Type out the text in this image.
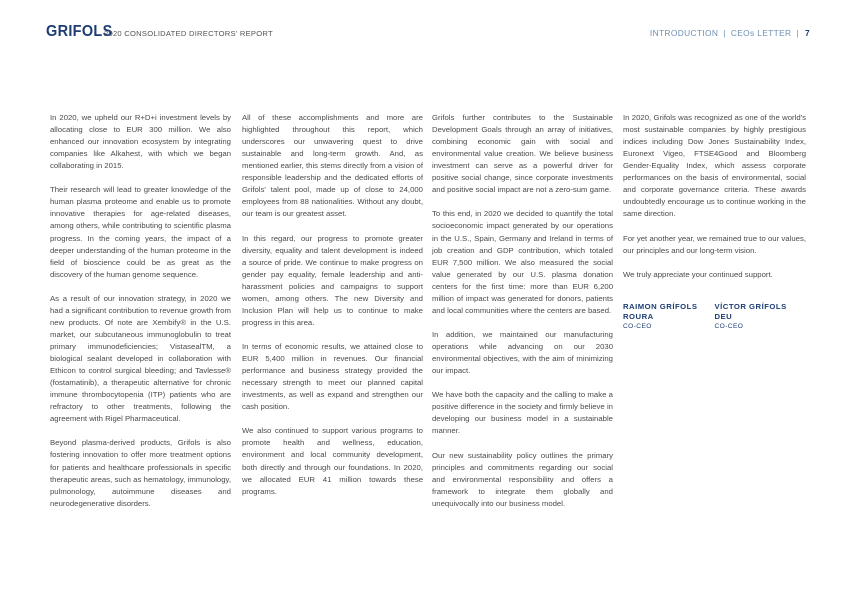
GRIFOLS
2020 CONSOLIDATED DIRECTORS' REPORT	INTRODUCTION | CEOs LETTER | 7

In 2020, we upheld our R+D+i investment levels by allocating close to EUR 300 million. We also enhanced our innovation ecosystem by integrating companies like Alkahest, with which we began collaborating in 2015.

Their research will lead to greater knowledge of the human plasma proteome and enable us to promote innovative therapies for age-related diseases, among others, while contributing to scientific plasma progress. In the coming years, the impact of a deeper understanding of the human proteome in the field of bioscience could be as great as the discovery of the human genome sequence.

As a result of our innovation strategy, in 2020 we had a significant contribution to revenue growth from new products. Of note are Xembify® in the U.S. market, our subcutaneous immunoglobulin to treat primary immunodeficiencies; VistasealTM, a biological sealant developed in collaboration with Ethicon to control surgical bleeding; and Tavlesse® (fostamatinib), a therapeutic alternative for chronic immune thrombocytopenia (ITP) patients who are refractory to other treatments, following the agreement with Rigel Pharmaceutical.

Beyond plasma-derived products, Grifols is also fostering innovation to offer more treatment options for patients and healthcare professionals in specific therapeutic areas, such as hematology, immunology, pulmonology, autoimmune diseases and neurodegenerative disorders.

All of these accomplishments and more are highlighted throughout this report, which underscores our unwavering quest to drive sustainable and long-term growth. And, as mentioned earlier, this stems directly from a vision of responsible leadership and the dedicated efforts of Grifols' talent pool, made up of close to 24,000 employees from 88 nationalities. Without any doubt, our team is our greatest asset.

In this regard, our progress to promote greater diversity, equality and talent development is indeed a source of pride. We continue to make progress on gender pay equality, female leadership and anti-harassment policies and campaigns to support women, among others. The new Diversity and Inclusion Plan will help us to continue to make progress in this area.

In terms of economic results, we attained close to EUR 5,400 million in revenues. Our financial performance and business strategy provided the necessary strength to meet our planned capital investments, as well as expand and strengthen our cash position.

We also continued to support various programs to promote health and wellness, education, environment and local community development, both directly and through our foundations. In 2020, we allocated EUR 41 million towards these programs.

Grifols further contributes to the Sustainable Development Goals through an array of initiatives, combining economic gain with social and environmental value creation. We believe business investment can serve as a powerful driver for positive social change, since corporate investments and positive social impact are not a zero-sum game.

To this end, in 2020 we decided to quantify the total socioeconomic impact generated by our operations in the U.S., Spain, Germany and Ireland in terms of job creation and GDP contribution, which totaled EUR 7,500 million. We also measured the social value generated by our U.S. plasma donation centers for the first time: more than EUR 6,200 million of impact was generated for donors, patients and local communities where the centers are based.

In addition, we maintained our manufacturing operations while advancing on our 2030 environmental objectives, with the aim of minimizing our impact.

We have both the capacity and the calling to make a positive difference in the society and firmly believe in developing our business model in a sustainable manner.

Our new sustainability policy outlines the primary principles and commitments regarding our social and environmental responsibility and offers a framework to integrate them globally and unequivocally into our business model.

In 2020, Grifols was recognized as one of the world's most sustainable companies by highly prestigious indices including Dow Jones Sustainability Index, Euronext Vigeo, FTSE4Good and Bloomberg Gender-Equality Index, which assess corporate performances on the basis of environmental, social and corporate governance criteria. These awards undoubtedly encourage us to continue working in the same direction.

For yet another year, we remained true to our values, our principles and our long-term vision.

We truly appreciate your continued support.

RAIMON GRÍFOLS
ROURA
CO-CEO
VÍCTOR GRÍFOLS
DEU
CO-CEO
